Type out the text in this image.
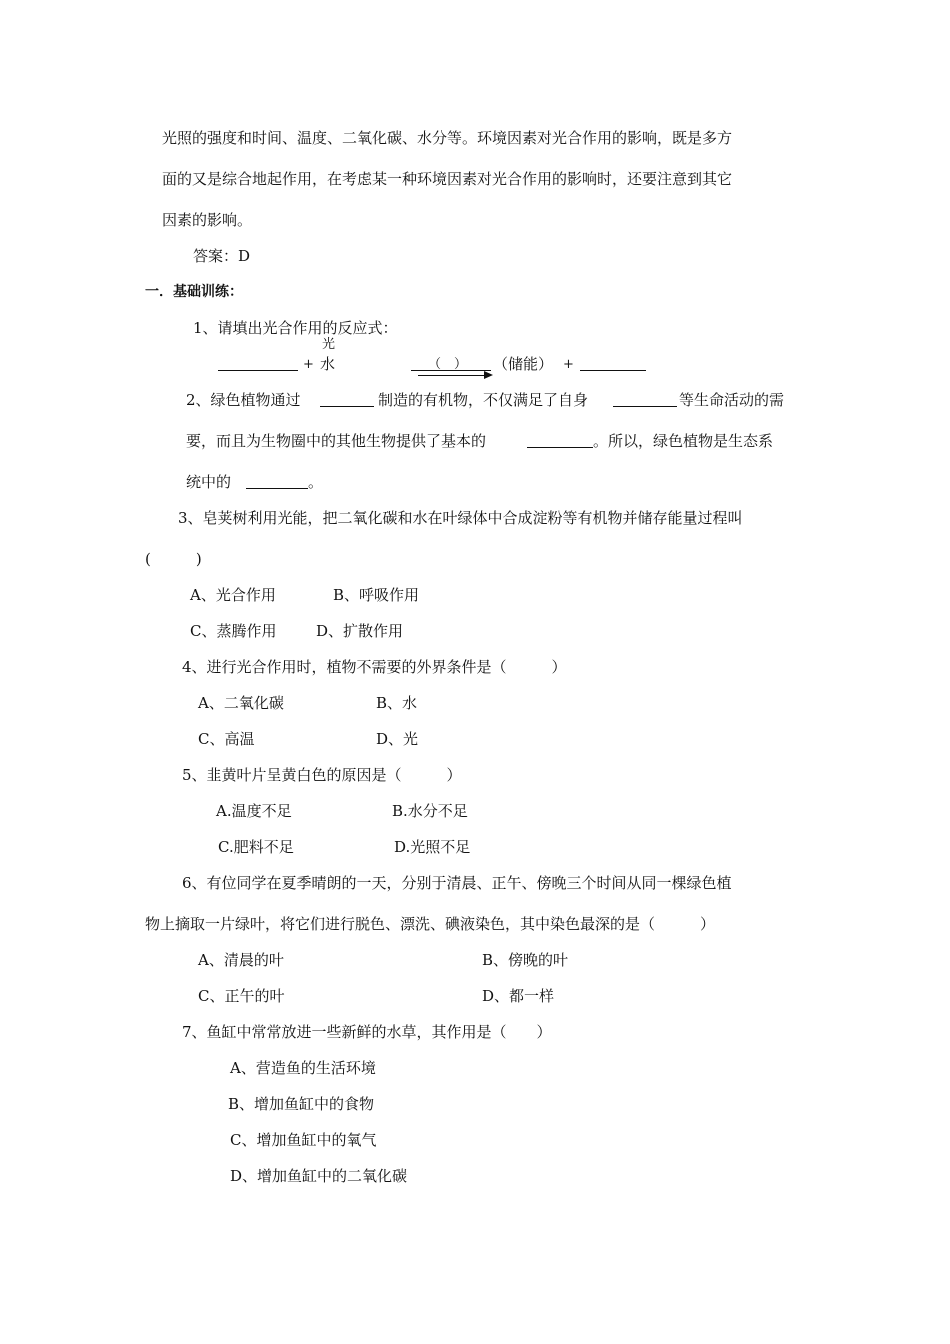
光照的强度和时间、温度、二氧化碳、水分等。环境因素对光合作用的影响，既是多方
面的又是综合地起作用，在考虑某一种环境因素对光合作用的影响时，还要注意到其它
因素的影响。
答案：D
一．基础训练：
1、请填出光合作用的反应式：
光
+ 水	（　） （储能） +
2、绿色植物通过	制造的有机物，不仅满足了自身	等生命活动的需
要，而且为生物圈中的其他生物提供了基本的	。所以，绿色植物是生态系
统中的	。
3、皂荚树利用光能，把二氧化碳和水在叶绿体中合成淀粉等有机物并储存能量过程叫
(　　　)
A、光合作用	B、呼吸作用
C、蒸腾作用	D、扩散作用
4、进行光合作用时，植物不需要的外界条件是（　　　）
A、二氧化碳	B、水
C、高温	D、光
5、韭黄叶片呈黄白色的原因是（　　　）
A.温度不足	B.水分不足
C.肥料不足	D.光照不足
6、有位同学在夏季晴朗的一天，分别于清晨、正午、傍晚三个时间从同一棵绿色植
物上摘取一片绿叶，将它们进行脱色、漂洗、碘液染色，其中染色最深的是（　　　）
A、清晨的叶	B、傍晚的叶
C、正午的叶	D、都一样
7、鱼缸中常常放进一些新鲜的水草，其作用是（　　）
A、营造鱼的生活环境
B、增加鱼缸中的食物
C、增加鱼缸中的氧气
D、增加鱼缸中的二氧化碳
